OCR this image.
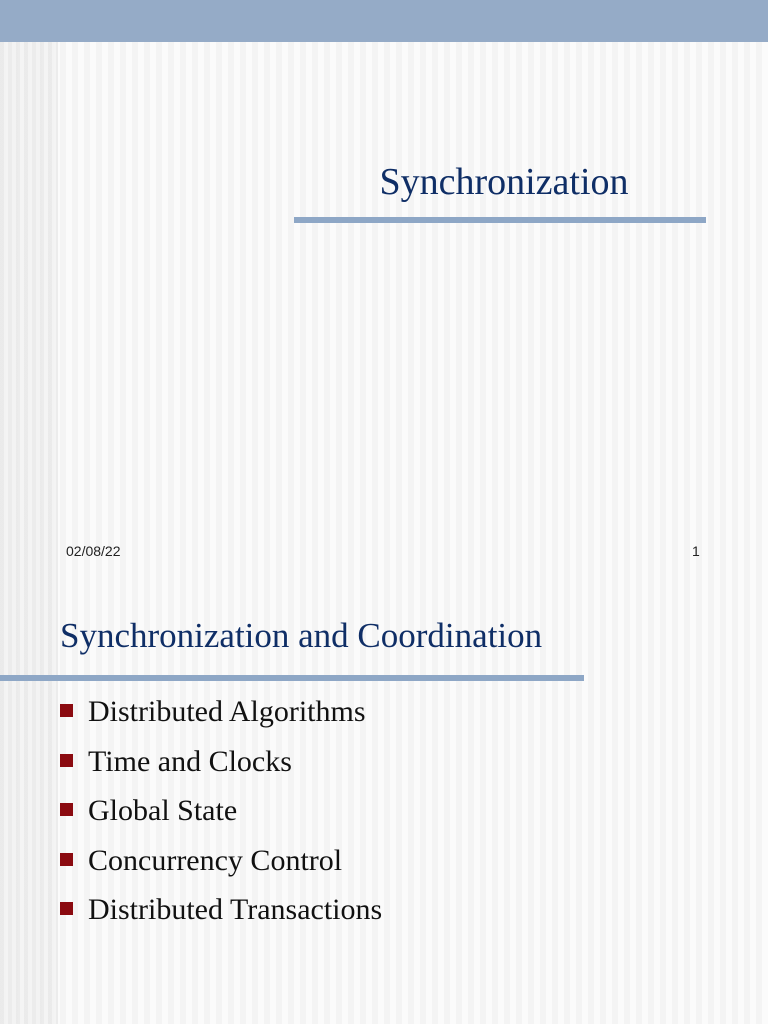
Synchronization
02/08/22	1
Synchronization and Coordination
Distributed Algorithms
Time and Clocks
Global State
Concurrency Control
Distributed Transactions
